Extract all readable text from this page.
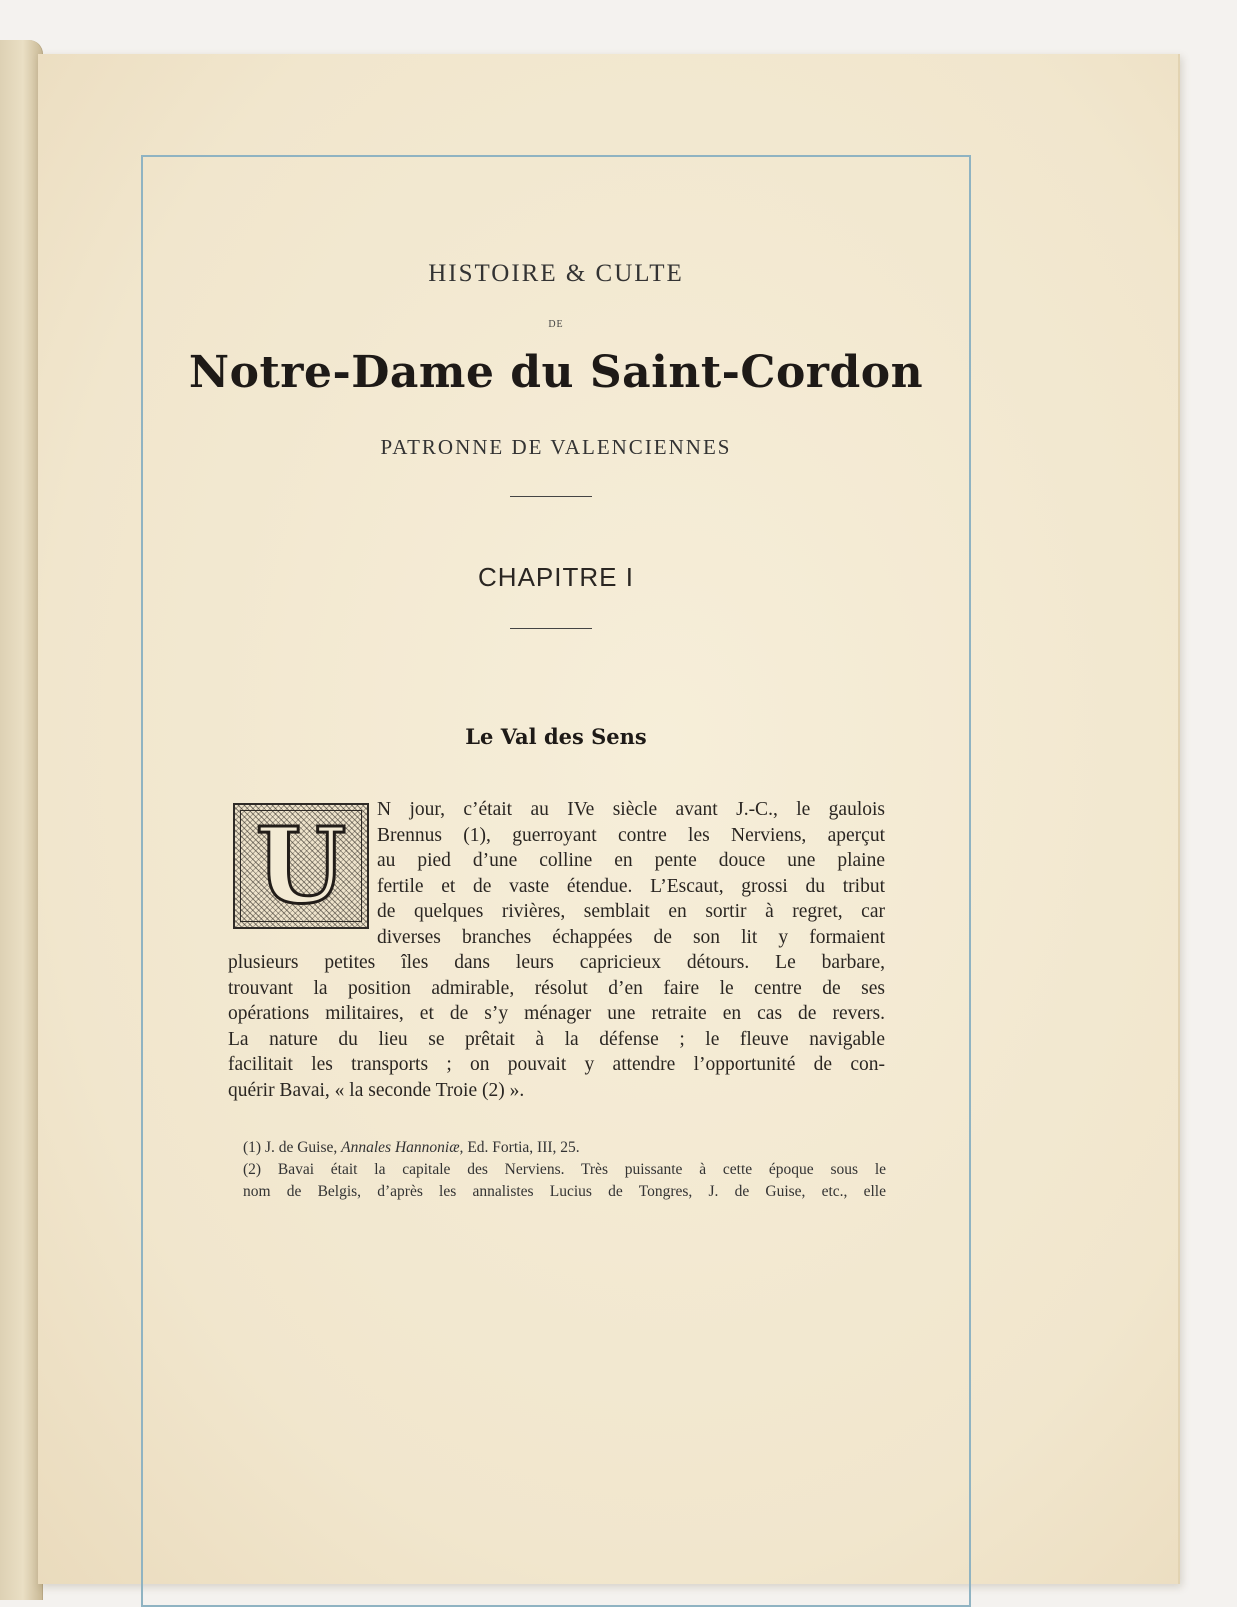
HISTOIRE & CULTE
DE
Notre-Dame du Saint-Cordon
PATRONNE DE VALENCIENNES
CHAPITRE I
Le Val des Sens
U N jour, c’était au IVe siècle avant J.-C., le gaulois
Brennus (1), guerroyant contre les Nerviens, aperçut
au pied d’une colline en pente douce une plaine
fertile et de vaste étendue. L’Escaut, grossi du tribut
de quelques rivières, semblait en sortir à regret, car
diverses branches échappées de son lit y formaient
plusieurs petites îles dans leurs capricieux détours. Le barbare,
trouvant la position admirable, résolut d’en faire le centre de ses
opérations militaires, et de s’y ménager une retraite en cas de revers.
La nature du lieu se prêtait à la défense ; le fleuve navigable
facilitait les transports ; on pouvait y attendre l’opportunité de con-
quérir Bavai, « la seconde Troie (2) ».
(1) J. de Guise, Annales Hannoniæ, Ed. Fortia, III, 25.
(2) Bavai était la capitale des Nerviens. Très puissante à cette époque sous le
nom de Belgis, d’après les annalistes Lucius de Tongres, J. de Guise, etc., elle
